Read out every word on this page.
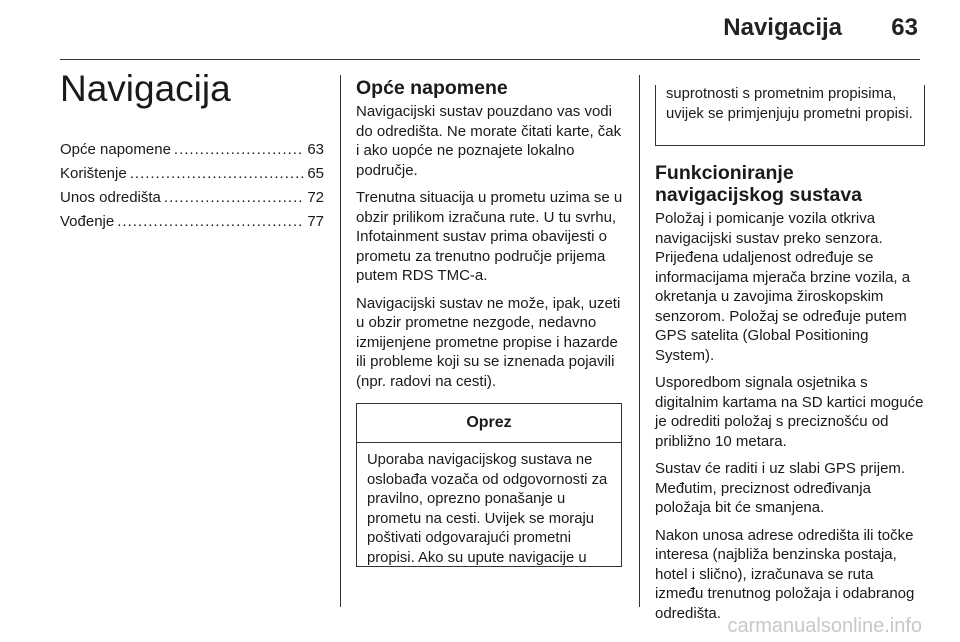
Navigacija 63
Navigacija
Opće napomene .....	63
Korištenje .....	65
Unos odredišta .....	72
Vođenje .....	77
Opće napomene

Navigacijski sustav pouzdano vas vodi do odredišta. Ne morate čitati karte, čak i ako uopće ne poznajete lokalno područje.

Trenutna situacija u prometu uzima se u obzir prilikom izračuna rute. U tu svrhu, Infotainment sustav prima obavijesti o prometu za trenutno područje prijema putem RDS TMC-a.

Navigacijski sustav ne može, ipak, uzeti u obzir prometne nezgode, nedavno izmijenjene prometne propise i hazarde ili probleme koji su se iznenada pojavili (npr. radovi na cesti).

Oprez
Uporaba navigacijskog sustava ne oslobađa vozača od odgovornosti za pravilno, oprezno ponašanje u prometu na cesti. Uvijek se moraju poštivati odgovarajući prometni propisi. Ako su upute navigacije u
suprotnosti s prometnim propisima, uvijek se primjenjuju prometni propisi.
Funkcioniranje navigacijskog sustava

Položaj i pomicanje vozila otkriva navigacijski sustav preko senzora. Prijeđena udaljenost određuje se informacijama mjerača brzine vozila, a okretanja u zavojima žiroskopskim senzorom. Položaj se određuje putem GPS satelita (Global Positioning System).

Usporedbom signala osjetnika s digitalnim kartama na SD kartici moguće je odrediti položaj s preciznošću od približno 10 metara.

Sustav će raditi i uz slabi GPS prijem. Međutim, preciznost određivanja položaja bit će smanjena.

Nakon unosa adrese odredišta ili točke interesa (najbliža benzinska postaja, hotel i slično), izračunava se ruta između trenutnog položaja i odabranog odredišta.

carmanualsonline.info
